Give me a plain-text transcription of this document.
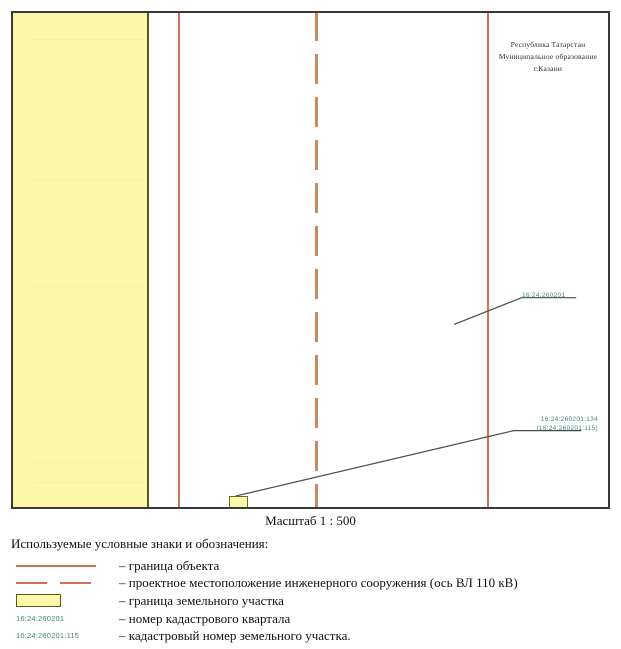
Республика Татарстан
Муниципальное образование
г.Казани
16:24:260201
16:24:260201:134
(16:24:260201:115)
Масштаб 1 : 500
Используемые условные знаки и обозначения:
– граница объекта
– проектное местоположение инженерного сооружения (ось ВЛ 110 кВ)
– граница земельного участка
16:24:260201	– номер кадастрового квартала
16:24:260201:115	– кадастровый номер земельного участка.
